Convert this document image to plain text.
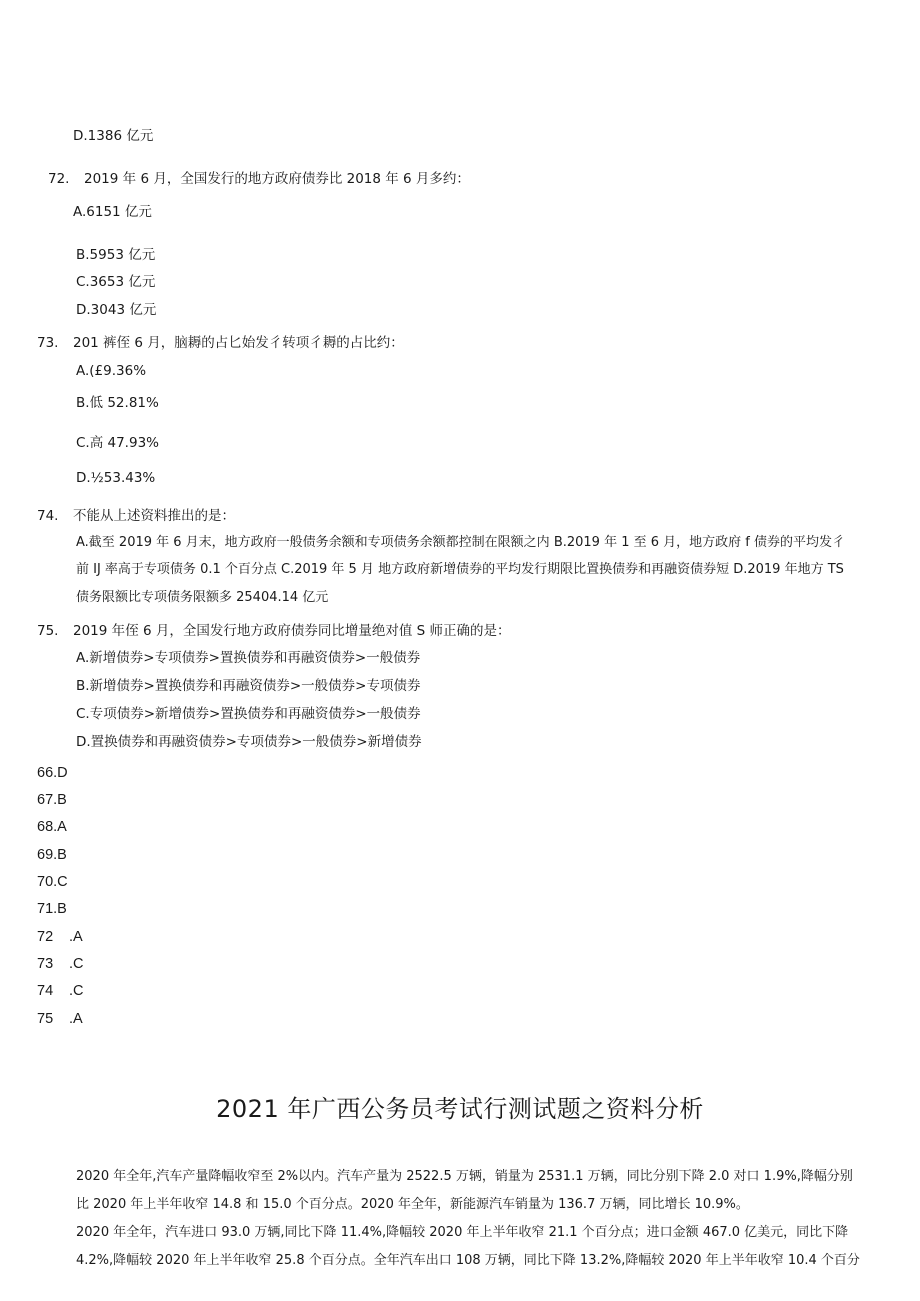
D.1386 亿元
72. 2019 年 6 月，全国发行的地方政府债券比 2018 年 6 月多约：
A.6151 亿元
B.5953 亿元
C.3653 亿元
D.3043 亿元
73. 201 裤侄 6 月，脑耨的占匕始发彳转项彳耨的占比约：
A.(£9.36%
B.低 52.81%
C.高 47.93%
D.½53.43%
74. 不能从上述资料推出的是：
A.截至 2019 年 6 月末，地方政府一般债务余额和专项债务余额都控制在限额之内 B.2019 年 1 至 6 月，地方政府 f 债券的平均发彳
前 IJ 率高于专项债务 0.1 个百分点 C.2019 年 5 月 地方政府新增债券的平均发行期限比置换债券和再融资债券短 D.2019 年地方 TS
债务限额比专项债务限额多 25404.14 亿元
75. 2019 年侄 6 月，全国发行地方政府债券同比增量绝对值 S 师正确的是：
A.新增债券>专项债券>置换债券和再融资债券>一般债券
B.新增债券>置换债券和再融资债券>一般债券>专项债券
C.专项债券>新增债券>置换债券和再融资债券>一般债券
D.置换债券和再融资债券>专项债券>一般债券>新增债券
66.D
67.B
68.A
69.B
70.C
71.B
72 .A
73 .C
74 .C
75 .A
2021 年广西公务员考试行测试题之资料分析
2020 年全年,汽车产量降幅收窄至 2%以内。汽车产量为 2522.5 万辆，销量为 2531.1 万辆，同比分别下降 2.0 对口 1.9%,降幅分别
比 2020 年上半年收窄 14.8 和 15.0 个百分点。2020 年全年，新能源汽车销量为 136.7 万辆，同比增长 10.9%。
2020 年全年，汽车进口 93.0 万辆,同比下降 11.4%,降幅较 2020 年上半年收窄 21.1 个百分点；进口金额 467.0 亿美元，同比下降
4.2%,降幅较 2020 年上半年收窄 25.8 个百分点。全年汽车出口 108 万辆，同比下降 13.2%,降幅较 2020 年上半年收窄 10.4 个百分
